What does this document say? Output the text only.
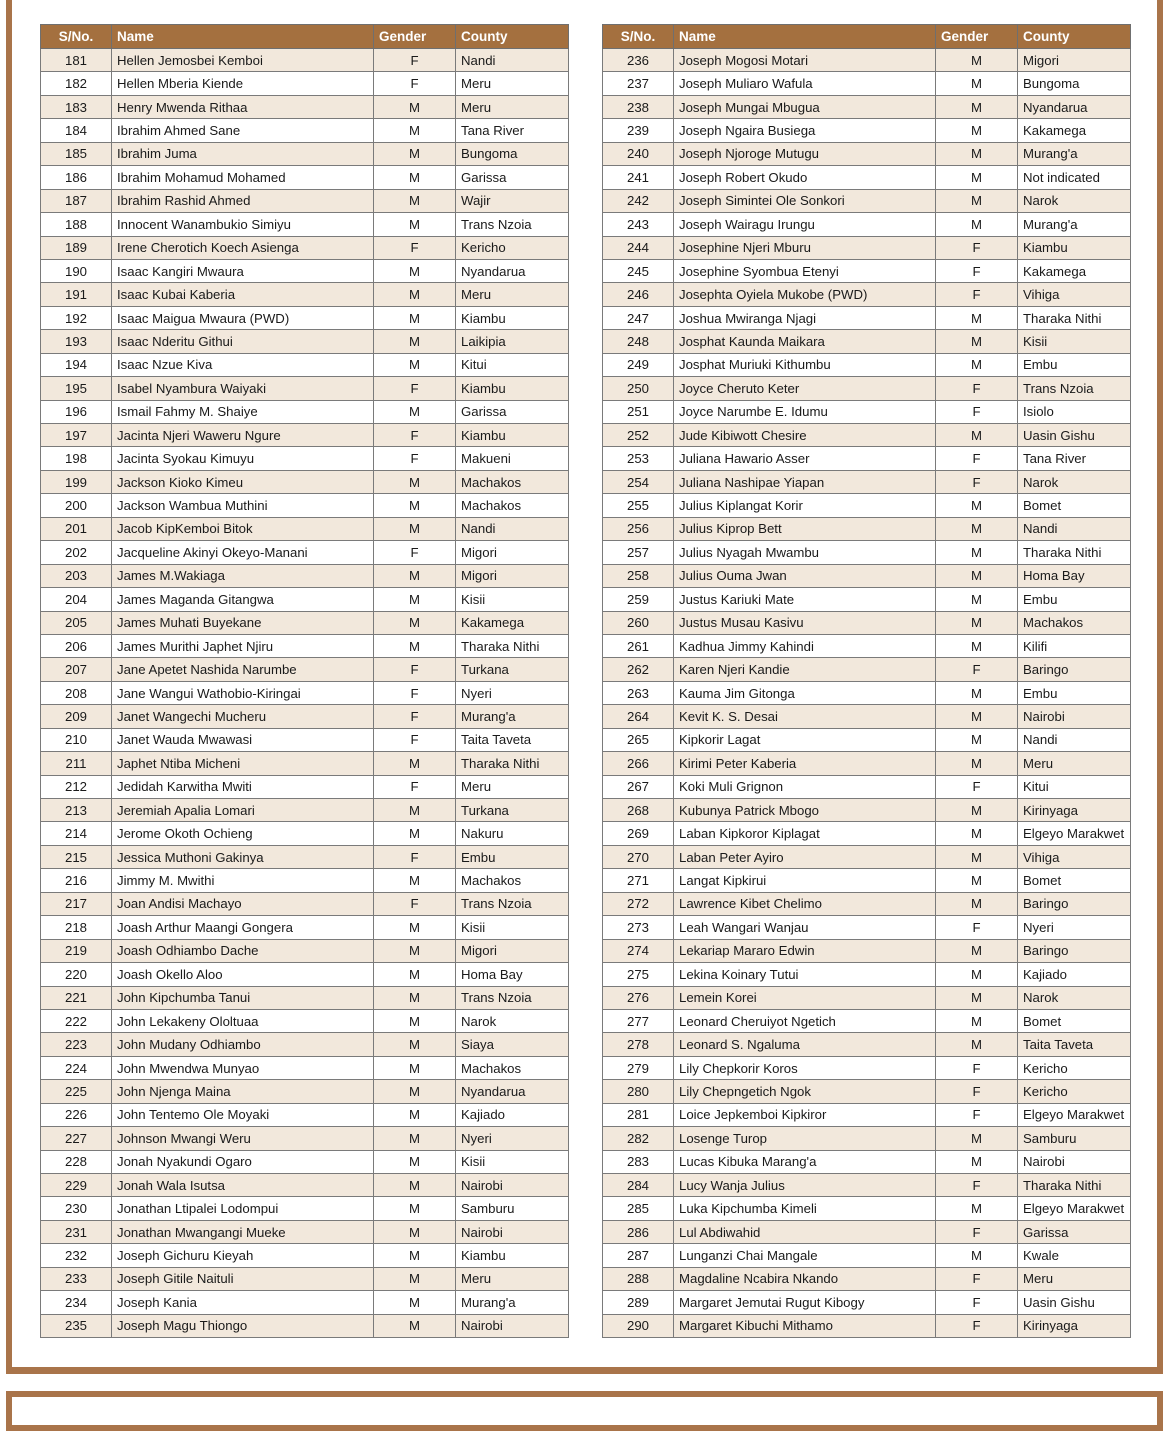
S/No.	Name	Gender	County
181	Hellen Jemosbei Kemboi	F	Nandi
182	Hellen Mberia Kiende	F	Meru
183	Henry Mwenda Rithaa	M	Meru
184	Ibrahim Ahmed Sane	M	Tana River
185	Ibrahim Juma	M	Bungoma
186	Ibrahim Mohamud Mohamed	M	Garissa
187	Ibrahim Rashid Ahmed	M	Wajir
188	Innocent Wanambukio Simiyu	M	Trans Nzoia
189	Irene Cherotich Koech Asienga	F	Kericho
190	Isaac Kangiri Mwaura	M	Nyandarua
191	Isaac Kubai Kaberia	M	Meru
192	Isaac Maigua Mwaura (PWD)	M	Kiambu
193	Isaac Nderitu Githui	M	Laikipia
194	Isaac Nzue Kiva	M	Kitui
195	Isabel Nyambura Waiyaki	F	Kiambu
196	Ismail Fahmy M. Shaiye	M	Garissa
197	Jacinta Njeri Waweru Ngure	F	Kiambu
198	Jacinta Syokau Kimuyu	F	Makueni
199	Jackson Kioko Kimeu	M	Machakos
200	Jackson Wambua Muthini	M	Machakos
201	Jacob KipKemboi Bitok	M	Nandi
202	Jacqueline Akinyi Okeyo-Manani	F	Migori
203	James M.Wakiaga	M	Migori
204	James Maganda Gitangwa	M	Kisii
205	James Muhati Buyekane	M	Kakamega
206	James Murithi Japhet Njiru	M	Tharaka Nithi
207	Jane Apetet Nashida Narumbe	F	Turkana
208	Jane Wangui Wathobio-Kiringai	F	Nyeri
209	Janet Wangechi Mucheru	F	Murang'a
210	Janet Wauda Mwawasi	F	Taita Taveta
211	Japhet Ntiba Micheni	M	Tharaka Nithi
212	Jedidah Karwitha Mwiti	F	Meru
213	Jeremiah Apalia Lomari	M	Turkana
214	Jerome Okoth Ochieng	M	Nakuru
215	Jessica Muthoni Gakinya	F	Embu
216	Jimmy M. Mwithi	M	Machakos
217	Joan Andisi Machayo	F	Trans Nzoia
218	Joash Arthur Maangi Gongera	M	Kisii
219	Joash Odhiambo Dache	M	Migori
220	Joash Okello Aloo	M	Homa Bay
221	John Kipchumba Tanui	M	Trans Nzoia
222	John Lekakeny Ololtuaa	M	Narok
223	John Mudany Odhiambo	M	Siaya
224	John Mwendwa Munyao	M	Machakos
225	John Njenga Maina	M	Nyandarua
226	John Tentemo Ole Moyaki	M	Kajiado
227	Johnson Mwangi Weru	M	Nyeri
228	Jonah Nyakundi Ogaro	M	Kisii
229	Jonah Wala Isutsa	M	Nairobi
230	Jonathan Ltipalei Lodompui	M	Samburu
231	Jonathan Mwangangi Mueke	M	Nairobi
232	Joseph Gichuru Kieyah	M	Kiambu
233	Joseph Gitile Naituli	M	Meru
234	Joseph Kania	M	Murang'a
235	Joseph Magu Thiongo	M	Nairobi
S/No.	Name	Gender	County
236	Joseph Mogosi Motari	M	Migori
237	Joseph Muliaro Wafula	M	Bungoma
238	Joseph Mungai Mbugua	M	Nyandarua
239	Joseph Ngaira Busiega	M	Kakamega
240	Joseph Njoroge Mutugu	M	Murang'a
241	Joseph Robert Okudo	M	Not indicated
242	Joseph Simintei Ole Sonkori	M	Narok
243	Joseph Wairagu Irungu	M	Murang'a
244	Josephine Njeri Mburu	F	Kiambu
245	Josephine Syombua Etenyi	F	Kakamega
246	Josephta Oyiela Mukobe (PWD)	F	Vihiga
247	Joshua Mwiranga Njagi	M	Tharaka Nithi
248	Josphat Kaunda Maikara	M	Kisii
249	Josphat Muriuki Kithumbu	M	Embu
250	Joyce Cheruto Keter	F	Trans Nzoia
251	Joyce Narumbe E. Idumu	F	Isiolo
252	Jude Kibiwott Chesire	M	Uasin Gishu
253	Juliana Hawario Asser	F	Tana River
254	Juliana Nashipae Yiapan	F	Narok
255	Julius Kiplangat Korir	M	Bomet
256	Julius Kiprop Bett	M	Nandi
257	Julius Nyagah Mwambu	M	Tharaka Nithi
258	Julius Ouma Jwan	M	Homa Bay
259	Justus Kariuki Mate	M	Embu
260	Justus Musau Kasivu	M	Machakos
261	Kadhua Jimmy Kahindi	M	Kilifi
262	Karen Njeri Kandie	F	Baringo
263	Kauma Jim Gitonga	M	Embu
264	Kevit K. S. Desai	M	Nairobi
265	Kipkorir Lagat	M	Nandi
266	Kirimi Peter Kaberia	M	Meru
267	Koki Muli Grignon	F	Kitui
268	Kubunya Patrick Mbogo	M	Kirinyaga
269	Laban Kipkoror Kiplagat	M	Elgeyo Marakwet
270	Laban Peter Ayiro	M	Vihiga
271	Langat Kipkirui	M	Bomet
272	Lawrence Kibet Chelimo	M	Baringo
273	Leah Wangari Wanjau	F	Nyeri
274	Lekariap Mararo Edwin	M	Baringo
275	Lekina Koinary Tutui	M	Kajiado
276	Lemein Korei	M	Narok
277	Leonard Cheruiyot Ngetich	M	Bomet
278	Leonard S. Ngaluma	M	Taita Taveta
279	Lily Chepkorir Koros	F	Kericho
280	Lily Chepngetich Ngok	F	Kericho
281	Loice Jepkemboi Kipkiror	F	Elgeyo Marakwet
282	Losenge Turop	M	Samburu
283	Lucas Kibuka Marang'a	M	Nairobi
284	Lucy Wanja Julius	F	Tharaka Nithi
285	Luka Kipchumba Kimeli	M	Elgeyo Marakwet
286	Lul Abdiwahid	F	Garissa
287	Lunganzi Chai Mangale	M	Kwale
288	Magdaline Ncabira Nkando	F	Meru
289	Margaret Jemutai Rugut Kibogy	F	Uasin Gishu
290	Margaret Kibuchi Mithamo	F	Kirinyaga
